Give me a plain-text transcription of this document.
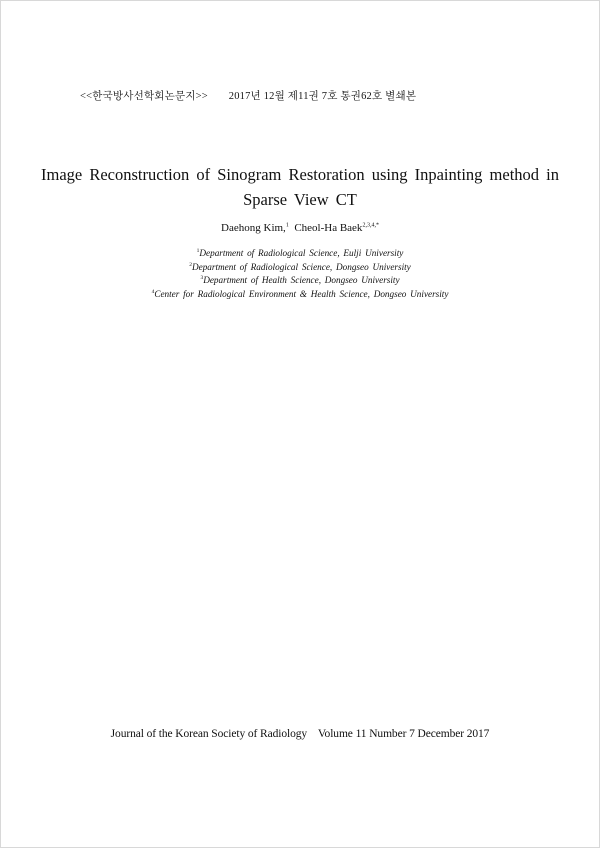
<<한국방사선학회논문지>> 2017년 12월 제11권 7호 통권62호 별쇄본
Image Reconstruction of Sinogram Restoration using Inpainting method in
Sparse View CT
Daehong Kim,$^1$ Cheol-Ha Baek$^{2,3,4,*}$
$^1$Department of Radiological Science, Eulji University
$^2$Department of Radiological Science, Dongseo University
$^3$Department of Health Science, Dongseo University
$^4$Center for Radiological Environment & Health Science, Dongseo University
Journal of the Korean Society of Radiology Volume 11 Number 7 December 2017
